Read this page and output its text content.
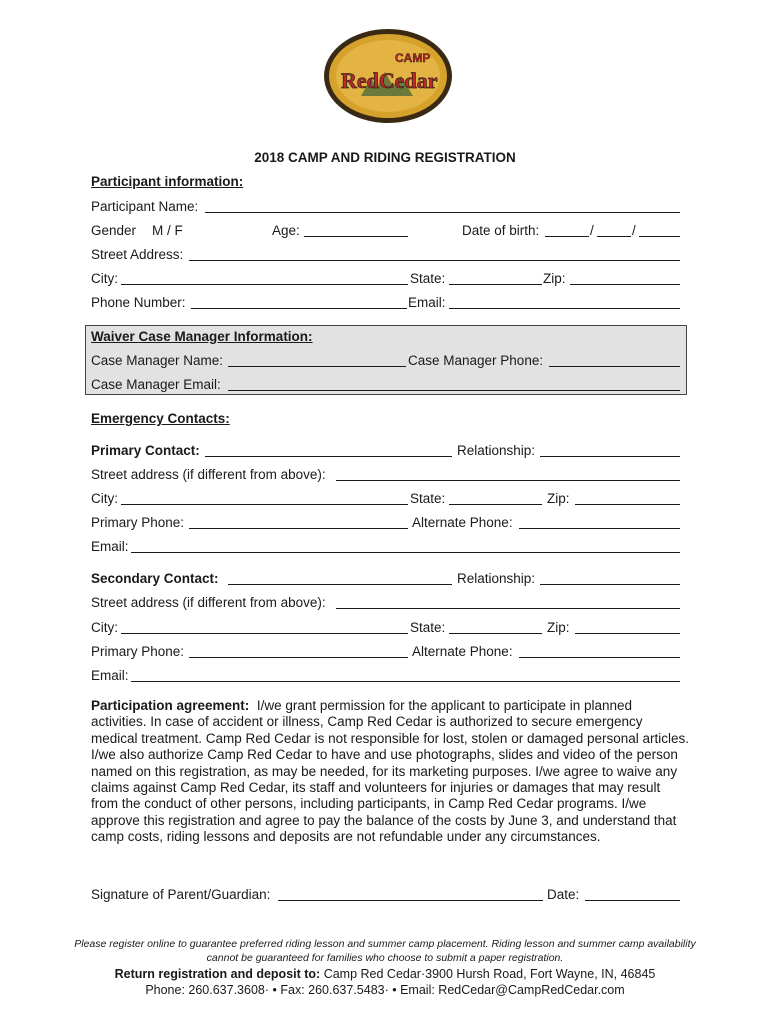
CAMP
RedCedar
2018 CAMP AND RIDING REGISTRATION
Participant information:
Participant Name:
Gender M / F	Age:	Date of birth:	/	/
Street Address:
City:	State:	Zip:
Phone Number:	Email:
Waiver Case Manager Information:
Case Manager Name:	Case Manager Phone:
Case Manager Email:
Emergency Contacts:
Primary Contact:	Relationship:
Street address (if different from above):
City:	State:	Zip:
Primary Phone:	Alternate Phone:
Email:
Secondary Contact:	Relationship:
Street address (if different from above):
City:	State:	Zip:
Primary Phone:	Alternate Phone:
Email:
Participation agreement: I/we grant permission for the applicant to participate in planned activities. In case of accident or illness, Camp Red Cedar is authorized to secure emergency medical treatment. Camp Red Cedar is not responsible for lost, stolen or damaged personal articles. I/we also authorize Camp Red Cedar to have and use photographs, slides and video of the person named on this registration, as may be needed, for its marketing purposes. I/we agree to waive any claims against Camp Red Cedar, its staff and volunteers for injuries or damages that may result from the conduct of other persons, including participants, in Camp Red Cedar programs. I/we approve this registration and agree to pay the balance of the costs by June 3, and understand that camp costs, riding lessons and deposits are not refundable under any circumstances.
Signature of Parent/Guardian:	Date:
Please register online to guarantee preferred riding lesson and summer camp placement. Riding lesson and summer camp availability cannot be guaranteed for families who choose to submit a paper registration.
Return registration and deposit to: Camp Red Cedar·3900 Hursh Road, Fort Wayne, IN, 46845
Phone: 260.637.3608· • Fax: 260.637.5483· • Email: RedCedar@CampRedCedar.com
